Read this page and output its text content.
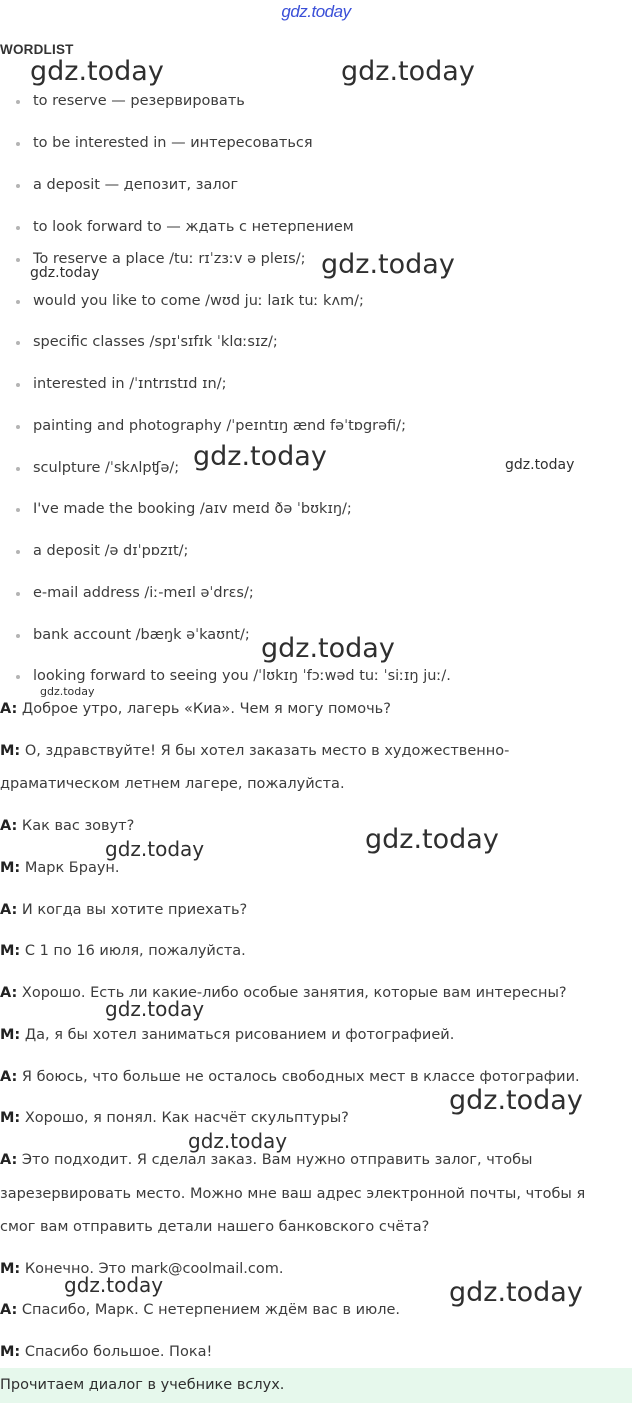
gdz.today
WORDLIST
to reserve — резервировать
to be interested in — интересоваться
a deposit — депозит, залог
to look forward to — ждать с нетерпением
To reserve a place /tuː rɪˈzɜːv ə pleɪs/;
would you like to come /wʊd juː laɪk tuː kʌm/;
specific classes /spɪˈsɪfɪk ˈklɑːsɪz/;
interested in /ˈɪntrɪstɪd ɪn/;
painting and photography /ˈpeɪntɪŋ ænd fəˈtɒgrəfi/;
sculpture /ˈskʌlpʧə/;
I've made the booking /aɪv meɪd ðə ˈbʊkɪŋ/;
a deposit /ə dɪˈpɒzɪt/;
e-mail address /iː-meɪl əˈdrɛs/;
bank account /bæŋk əˈkaʊnt/;
looking forward to seeing you /ˈlʊkɪŋ ˈfɔːwəd tuː ˈsiːɪŋ juː/.
A: Доброе утро, лагерь «Киа». Чем я могу помочь?
M: О, здравствуйте! Я бы хотел заказать место в художественно-
драматическом летнем лагере, пожалуйста.
A: Как вас зовут?
M: Марк Браун.
A: И когда вы хотите приехать?
M: С 1 по 16 июля, пожалуйста.
A: Хорошо. Есть ли какие-либо особые занятия, которые вам интересны?
M: Да, я бы хотел заниматься рисованием и фотографией.
A: Я боюсь, что больше не осталось свободных мест в классе фотографии.
M: Хорошо, я понял. Как насчёт скульптуры?
A: Это подходит. Я сделал заказ. Вам нужно отправить залог, чтобы
зарезервировать место. Можно мне ваш адрес электронной почты, чтобы я
смог вам отправить детали нашего банковского счёта?
M: Конечно. Это mark@coolmail.com.
A: Спасибо, Марк. С нетерпением ждём вас в июле.
M: Спасибо большое. Пока!
Прочитаем диалог в учебнике вслух.
gdz.today	gdz.today
gdz.today
gdz.today
gdz.today	gdz.today
gdz.today
gdz.today
gdz.today
gdz.today
gdz.today
gdz.today
gdz.today
gdz.today	gdz.today
